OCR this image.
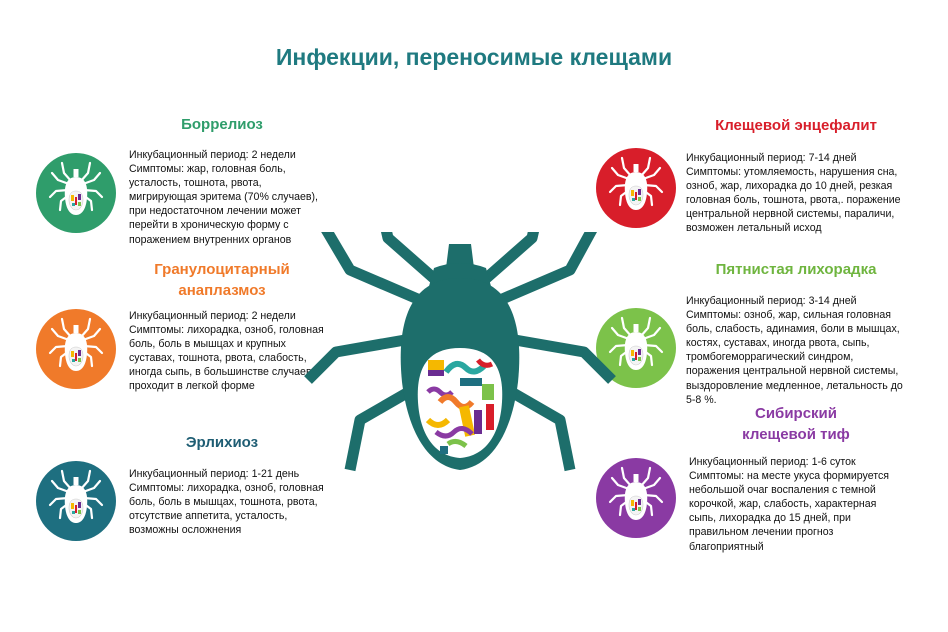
Инфекции, переносимые клещами
Боррелиоз
Инкубационный период: 2 недели
Симптомы: жар, головная боль,
усталость, тошнота, рвота,
мигрирующая эритема (70% случаев),
при недостаточном лечении может
перейти в хроническую форму с
поражением внутренних органов
Гранулоцитарный
анаплазмоз
Инкубационный период: 2 недели
Симптомы: лихорадка, озноб, головная
боль, боль в мышцах и крупных
суставах, тошнота, рвота, слабость,
иногда сыпь, в большинстве случаев
проходит в легкой форме
Эрлихиоз
Инкубационный период: 1-21 день
Симптомы: лихорадка, озноб, головная
боль, боль в мышцах, тошнота, рвота,
отсутствие аппетита, усталость,
возможны осложнения
Клещевой энцефалит
Инкубационный период: 7-14 дней
Симптомы: утомляемость, нарушения сна,
озноб, жар, лихорадка до 10 дней, резкая
головная боль, тошнота, рвота,. поражение
центральной нервной системы, параличи,
возможен летальный исход
Пятнистая лихорадка
Инкубационный период: 3-14 дней
Симптомы: озноб, жар, сильная головная
боль, слабость, адинамия, боли в мышцах,
костях, суставах, иногда рвота, сыпь,
тромбогеморрагический синдром,
поражения центральной нервной системы,
выздоровление медленное, летальность до
5-8 %.
Сибирский
клещевой тиф
Инкубационный период: 1-6 суток
Симптомы: на месте укуса формируется
небольшой очаг воспаления с темной
корочкой, жар, слабость, характерная
сыпь, лихорадка до 15 дней, при
правильном лечении прогноз
благоприятный
